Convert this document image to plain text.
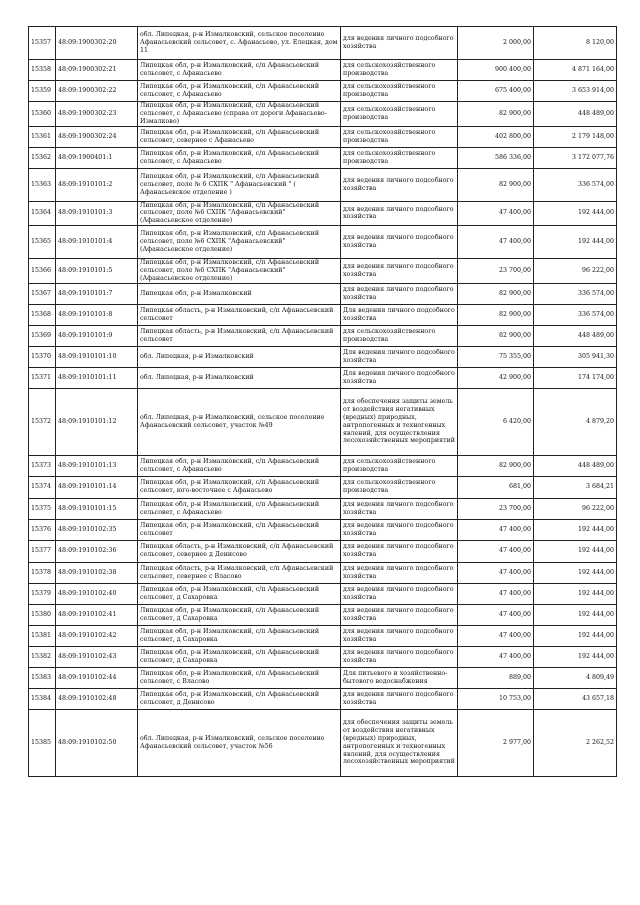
15357	48:09:1900302:20	обл. Липецкая, р-н Измалковский, сельское поселение Афанасьевский сельсовет, с. Афанасьево, ул. Елецкая, дом 11	для ведения личного подсобного хозяйства	2 000,00	8 120,00
15358	48:09:1900302:21	Липецкая обл, р-н Измалковский, с/п Афанасьевский сельсовет, с Афанасьево	для сельскохозяйственного производства	900 400,00	4 871 164,00
15359	48:09:1900302:22	Липецкая обл, р-н Измалковский, с/п Афанасьевский сельсовет, с Афанасьево	для сельскохозяйственного производства	675 400,00	3 653 914,00
15360	48:09:1900302:23	Липецкая обл, р-н Измалковский, с/п Афанасьевский сельсовет, с Афанасьево (справа от дороги Афанасьево-Измалково)	для сельскохозяйственного производства	82 900,00	448 489,00
15361	48:09:1900302:24	Липецкая обл, р-н Измалковский, с/п Афанасьевский сельсовет, севернее с Афанасьево	для сельскохозяйственного производства	402 800,00	2 179 148,00
15362	48:09:1900401:1	Липецкая обл, р-н Измалковский, с/п Афанасьевский сельсовет, с Афанасьево	для сельскохозяйственного производства	586 336,00	3 172 077,76
15363	48:09:1910101:2	Липецкая обл, р-н Измалковский, с/п Афанасьевский сельсовет, поле № 6 СХПК " Афанасьевский " ( Афанасьевское отделение )	для ведения личного подсобного хозяйства	82 900,00	336 574,00
15364	48:09:1910101:3	Липецкая обл, р-н Измалковский, с/п Афанасьевский сельсовет, поле №6 СХПК "Афанасьевский" (Афанасьевское отделение)	для ведения личного подсобного хозяйства	47 400,00	192 444,00
15365	48:09:1910101:4	Липецкая обл, р-н Измалковский, с/п Афанасьевский сельсовет, поле №6 СХПК "Афанасьевский" (Афанасьевское отделение)	для ведения личного подсобного хозяйства	47 400,00	192 444,00
15366	48:09:1910101:5	Липецкая обл, р-н Измалковский, с/п Афанасьевский сельсовет, поле №6 СХПК "Афанасьевский" (Афанасьевское отделение)	для ведения личного подсобного хозяйства	23 700,00	96 222,00
15367	48:09:1910101:7	Липецкая обл, р-н Измалковский	для ведения личного подсобного хозяйства	82 900,00	336 574,00
15368	48:09:1910101:8	Липецкая область, р-н Измалковский, с/п Афанасьевский сельсовет	Для ведения личного подсобного хозяйства	82 900,00	336 574,00
15369	48:09:1910101:9	Липецкая область, р-н Измалковский, с/п Афанасьевский сельсовет	для сельскохозяйственного производства	82 900,00	448 489,00
15370	48:09:1910101:10	обл. Липецкая, р-н Измалковский	Для ведения личного подсобного хозяйства	75 355,00	305 941,30
15371	48:09:1910101:11	обл. Липецкая, р-н Измалковский	Для ведения личного подсобного хозяйства	42 900,00	174 174,00
15372	48:09:1910101:12	обл. Липецкая, р-н Измалковский, сельское поселение Афанасьевский сельсовет, участок №49	для обеспечения защиты земель от воздействия негативных (вредных) природных, антропогенных и техногенных явлений, для осуществления лесохозяйственных мероприятий	6 420,00	4 879,20
15373	48:09:1910101:13	Липецкая обл, р-н Измалковский, с/п Афанасьевский сельсовет, с Афанасьево	для сельскохозяйственного производства	82 900,00	448 489,00
15374	48:09:1910101:14	Липецкая обл, р-н Измалковский, с/п Афанасьевский сельсовет, юго-восточнее с Афанасьево	для сельскохозяйственного производства	681,00	3 684,21
15375	48:09:1910101:15	Липецкая обл, р-н Измалковский, с/п Афанасьевский сельсовет, с Афанасьево	для ведения личного подсобного хозяйства	23 700,00	96 222,00
15376	48:09:1910102:35	Липецкая обл, р-н Измалковский, с/п Афанасьевский сельсовет	для ведения личного подсобного хозяйства	47 400,00	192 444,00
15377	48:09:1910102:36	Липецкая область, р-н Измалковский, с/п Афанасьевский сельсовет, севернее д Денисово	для ведения личного подсобного хозяйства	47 400,00	192 444,00
15378	48:09:1910102:38	Липецкая область, р-н Измалковский, с/п Афанасьевский сельсовет, севернее с Власово	для ведения личного подсобного хозяйства	47 400,00	192 444,00
15379	48:09:1910102:40	Липецкая обл, р-н Измалковский, с/п Афанасьевский сельсовет, д Сахаровка	для ведения личного подсобного хозяйства	47 400,00	192 444,00
15380	48:09:1910102:41	Липецкая обл, р-н Измалковский, с/п Афанасьевский сельсовет, д Сахаровка	для ведения личного подсобного хозяйства	47 400,00	192 444,00
15381	48:09:1910102:42	Липецкая обл, р-н Измалковский, с/п Афанасьевский сельсовет, д Сахаровка	для ведения личного подсобного хозяйства	47 400,00	192 444,00
15382	48:09:1910102:43	Липецкая обл, р-н Измалковский, с/п Афанасьевский сельсовет, д Сахаровка	для ведения личного подсобного хозяйства	47 400,00	192 444,00
15383	48:09:1910102:44	Липецкая обл, р-н Измалковский, с/п Афанасьевский сельсовет, с Власово	Для питьевого и хозяйственно-бытового водоснабжения	889,00	4 809,49
15384	48:09:1910102:48	Липецкая обл, р-н Измалковский, с/п Афанасьевский сельсовет, д Денисово	для ведения личного подсобного хозяйства	10 753,00	43 657,18
15385	48:09:1910102:50	обл. Липецкая, р-н Измалковский, сельское поселение Афанасьевский сельсовет, участок №56	для обеспечения защиты земель от воздействия негативных (вредных) природных, антропогенных и техногенных явлений, для осуществления лесохозяйственных мероприятий	2 977,00	2 262,52
